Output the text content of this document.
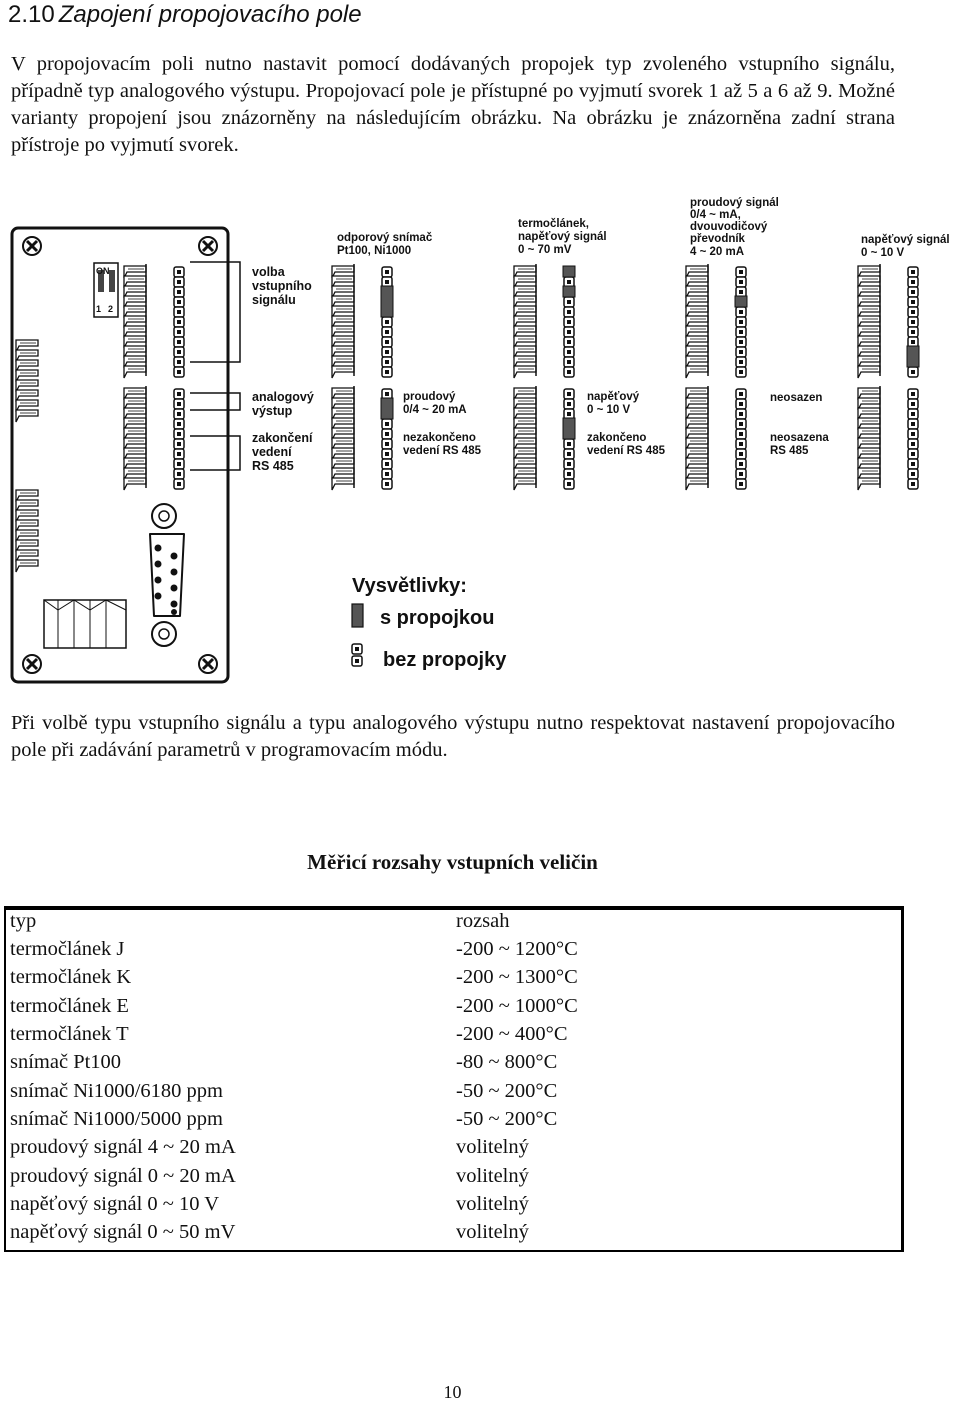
2.10 Zapojení propojovacího pole

V propojovacím poli nutno nastavit pomocí dodávaných propojek typ zvoleného vstupního signálu, případně typ analogového výstupu. Propojovací pole je přístupné po vyjmutí svorek 1 až 5 a 6 až 9. Možné varianty propojení jsou znázorněny na následujícím obrázku. Na obrázku je znázorněna zadní strana přístroje po vyjmutí svorek.

ON
1 2
volba
vstupního
signálu
analogový
výstup
zakončení
vedení
RS 485
odporový snímač
Pt100, Ni1000
termočlánek,
napěťový signál
0 ~ 70 mV
proudový signál
0/4 ~ mA,
dvouvodičový
převodník
4 ~ 20 mA
napěťový signál
0 ~ 10 V
proudový
0/4 ~ 20 mA
napěťový
0 ~ 10 V
neosazen
nezakončeno
vedení RS 485
zakončeno
vedení RS 485
neosazena
RS 485
Vysvětlivky:
s propojkou
bez propojky

Při volbě typu vstupního signálu a typu analogového výstupu nutno respektovat nastavení propojovacího pole při zadávání parametrů v programovacím módu.

Měřicí rozsahy vstupních veličin
typ	rozsah
termočlánek J	-200 ~ 1200°C
termočlánek K	-200 ~ 1300°C
termočlánek E	-200 ~ 1000°C
termočlánek T	-200 ~ 400°C
snímač Pt100	-80 ~ 800°C
snímač Ni1000/6180 ppm	-50 ~ 200°C
snímač Ni1000/5000 ppm	-50 ~ 200°C
proudový signál 4 ~ 20 mA	volitelný
proudový signál 0 ~ 20 mA	volitelný
napěťový signál 0 ~ 10 V	volitelný
napěťový signál 0 ~ 50 mV	volitelný
10
